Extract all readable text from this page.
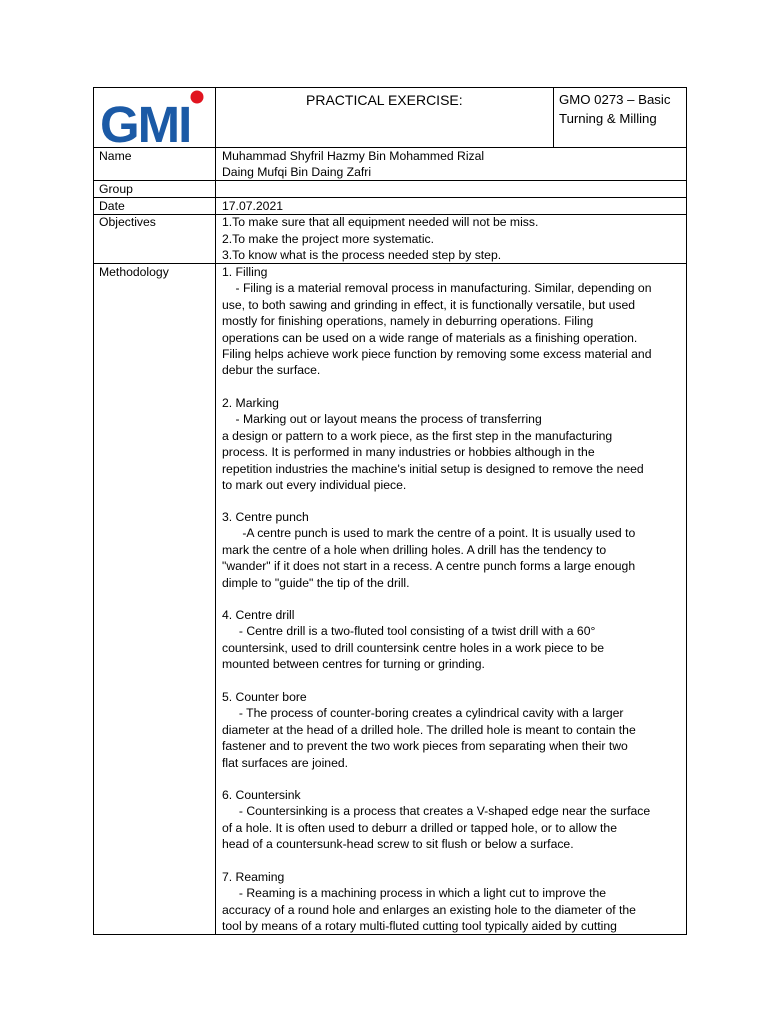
GMI	PRACTICAL EXERCISE:	GMO 0273 – Basic
Turning & Milling
Name	Muhammad Shyfril Hazmy Bin Mohammed Rizal
Daing Mufqi Bin Daing Zafri
Group
Date	17.07.2021
Objectives	1.To make sure that all equipment needed will not be miss.
2.To make the project more systematic.
3.To know what is the process needed step by step.
Methodology	1. Filling
- Filing is a material removal process in manufacturing. Similar, depending on
use, to both sawing and grinding in effect, it is functionally versatile, but used
mostly for finishing operations, namely in deburring operations. Filing
operations can be used on a wide range of materials as a finishing operation.
Filing helps achieve work piece function by removing some excess material and
debur the surface.
2. Marking
- Marking out or layout means the process of transferring
a design or pattern to a work piece, as the first step in the manufacturing
process. It is performed in many industries or hobbies although in the
repetition industries the machine's initial setup is designed to remove the need
to mark out every individual piece.
3. Centre punch
-A centre punch is used to mark the centre of a point. It is usually used to
mark the centre of a hole when drilling holes. A drill has the tendency to
"wander" if it does not start in a recess. A centre punch forms a large enough
dimple to "guide" the tip of the drill.
4. Centre drill
- Centre drill is a two-fluted tool consisting of a twist drill with a 60°
countersink, used to drill countersink centre holes in a work piece to be
mounted between centres for turning or grinding.
5. Counter bore
- The process of counter-boring creates a cylindrical cavity with a larger
diameter at the head of a drilled hole. The drilled hole is meant to contain the
fastener and to prevent the two work pieces from separating when their two
flat surfaces are joined.
6. Countersink
- Countersinking is a process that creates a V-shaped edge near the surface
of a hole. It is often used to deburr a drilled or tapped hole, or to allow the
head of a countersunk-head screw to sit flush or below a surface.
7. Reaming
- Reaming is a machining process in which a light cut to improve the
accuracy of a round hole and enlarges an existing hole to the diameter of the
tool by means of a rotary multi-fluted cutting tool typically aided by cutting
